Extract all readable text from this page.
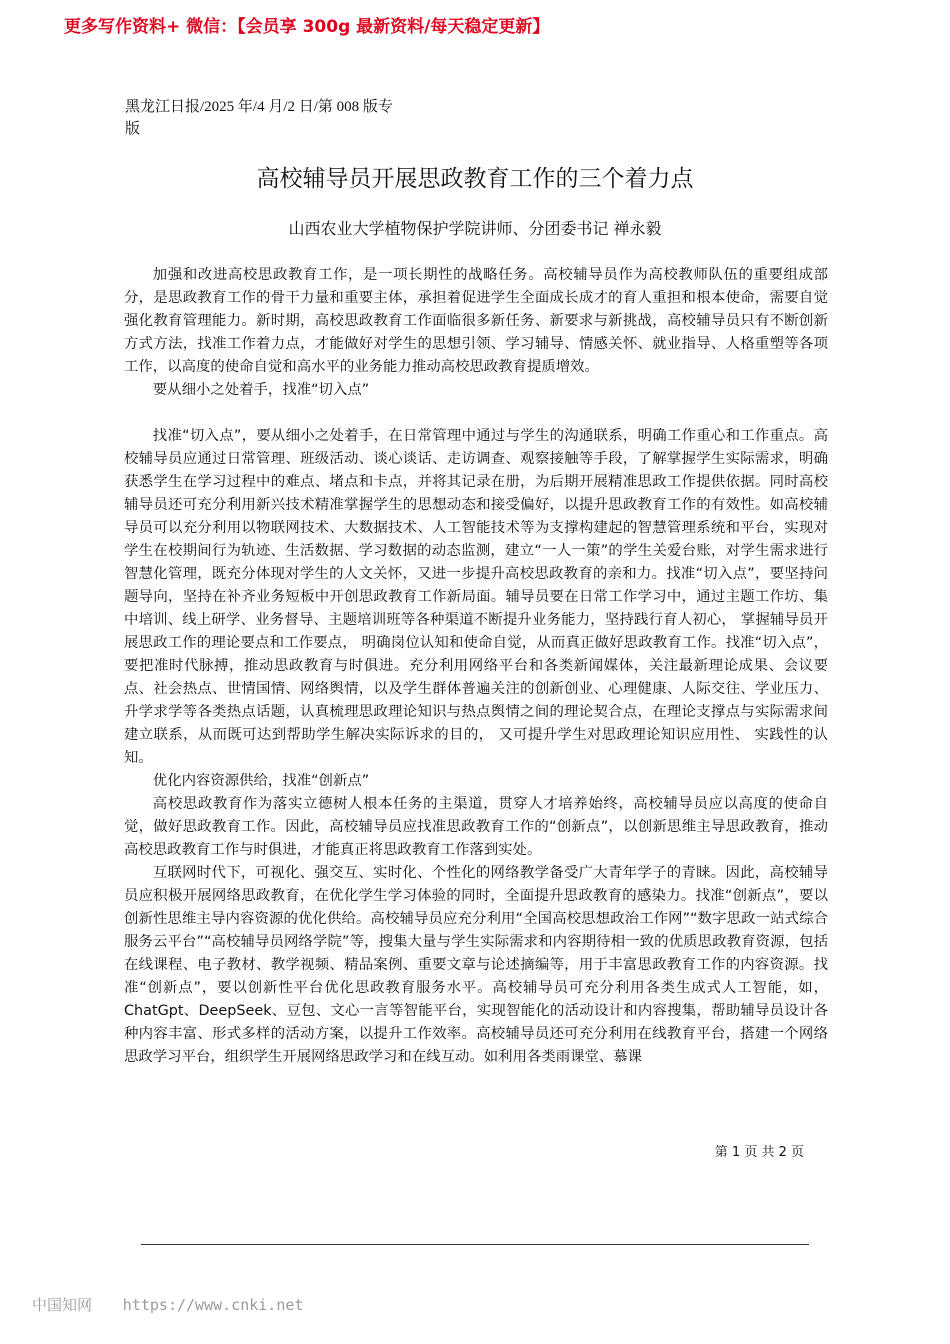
更多写作资料+ 微信：【会员享 300g 最新资料/每天稳定更新】

黑龙江日报/2025 年/4 月/2 日/第 008 版专版

高校辅导员开展思政教育工作的三个着力点

山西农业大学植物保护学院讲师、分团委书记 禅永毅

加强和改进高校思政教育工作，是一项长期性的战略任务。高校辅导员作为高校教师队伍的重要组成部分，是思政教育工作的骨干力量和重要主体，承担着促进学生全面成长成才的育人重担和根本使命，需要自觉强化教育管理能力。新时期，高校思政教育工作面临很多新任务、新要求与新挑战，高校辅导员只有不断创新方式方法，找准工作着力点，才能做好对学生的思想引领、学习辅导、情感关怀、就业指导、人格重塑等各项工作，以高度的使命自觉和高水平的业务能力推动高校思政教育提质增效。

要从细小之处着手，找准“切入点”

找准“切入点”，要从细小之处着手，在日常管理中通过与学生的沟通联系，明确工作重心和工作重点。高校辅导员应通过日常管理、班级活动、谈心谈话、走访调查、观察接触等手段，了解掌握学生实际需求，明确获悉学生在学习过程中的难点、堵点和卡点，并将其记录在册，为后期开展精准思政工作提供依据。同时高校辅导员还可充分利用新兴技术精准掌握学生的思想动态和接受偏好，以提升思政教育工作的有效性。如高校辅导员可以充分利用以物联网技术、大数据技术、人工智能技术等为支撑构建起的智慧管理系统和平台，实现对学生在校期间行为轨迹、生活数据、学习数据的动态监测，建立“一人一策”的学生关爱台账，对学生需求进行智慧化管理，既充分体现对学生的人文关怀，又进一步提升高校思政教育的亲和力。找准“切入点”，要坚持问题导向，坚持在补齐业务短板中开创思政教育工作新局面。辅导员要在日常工作学习中，通过主题工作坊、集中培训、线上研学、业务督导、主题培训班等各种渠道不断提升业务能力，坚持践行育人初心， 掌握辅导员开展思政工作的理论要点和工作要点， 明确岗位认知和使命自觉，从而真正做好思政教育工作。找准“切入点”，要把准时代脉搏，推动思政教育与时俱进。充分利用网络平台和各类新闻媒体，关注最新理论成果、会议要点、社会热点、世情国情、网络舆情，以及学生群体普遍关注的创新创业、心理健康、人际交往、学业压力、升学求学等各类热点话题，认真梳理思政理论知识与热点舆情之间的理论契合点，在理论支撑点与实际需求间建立联系，从而既可达到帮助学生解决实际诉求的目的， 又可提升学生对思政理论知识应用性、 实践性的认知。

优化内容资源供给，找准“创新点”

高校思政教育作为落实立德树人根本任务的主渠道，贯穿人才培养始终，高校辅导员应以高度的使命自觉，做好思政教育工作。因此，高校辅导员应找准思政教育工作的“创新点”，以创新思维主导思政教育，推动高校思政教育工作与时俱进，才能真正将思政教育工作落到实处。

互联网时代下，可视化、强交互、实时化、个性化的网络教学备受广大青年学子的青睐。因此，高校辅导员应积极开展网络思政教育，在优化学生学习体验的同时，全面提升思政教育的感染力。找准“创新点”，要以创新性思维主导内容资源的优化供给。高校辅导员应充分利用“全国高校思想政治工作网”“数字思政一站式综合服务云平台”“高校辅导员网络学院”等，搜集大量与学生实际需求和内容期待相一致的优质思政教育资源，包括在线课程、电子教材、教学视频、精品案例、重要文章与论述摘编等，用于丰富思政教育工作的内容资源。找准“创新点”，要以创新性平台优化思政教育服务水平。高校辅导员可充分利用各类生成式人工智能，如，ChatGpt、DeepSeek、豆包、文心一言等智能平台，实现智能化的活动设计和内容搜集，帮助辅导员设计各种内容丰富、形式多样的活动方案，以提升工作效率。高校辅导员还可充分利用在线教育平台，搭建一个网络思政学习平台，组织学生开展网络思政学习和在线互动。如利用各类雨课堂、慕课

第 1 页 共 2 页

中国知网 https://www.cnki.net
